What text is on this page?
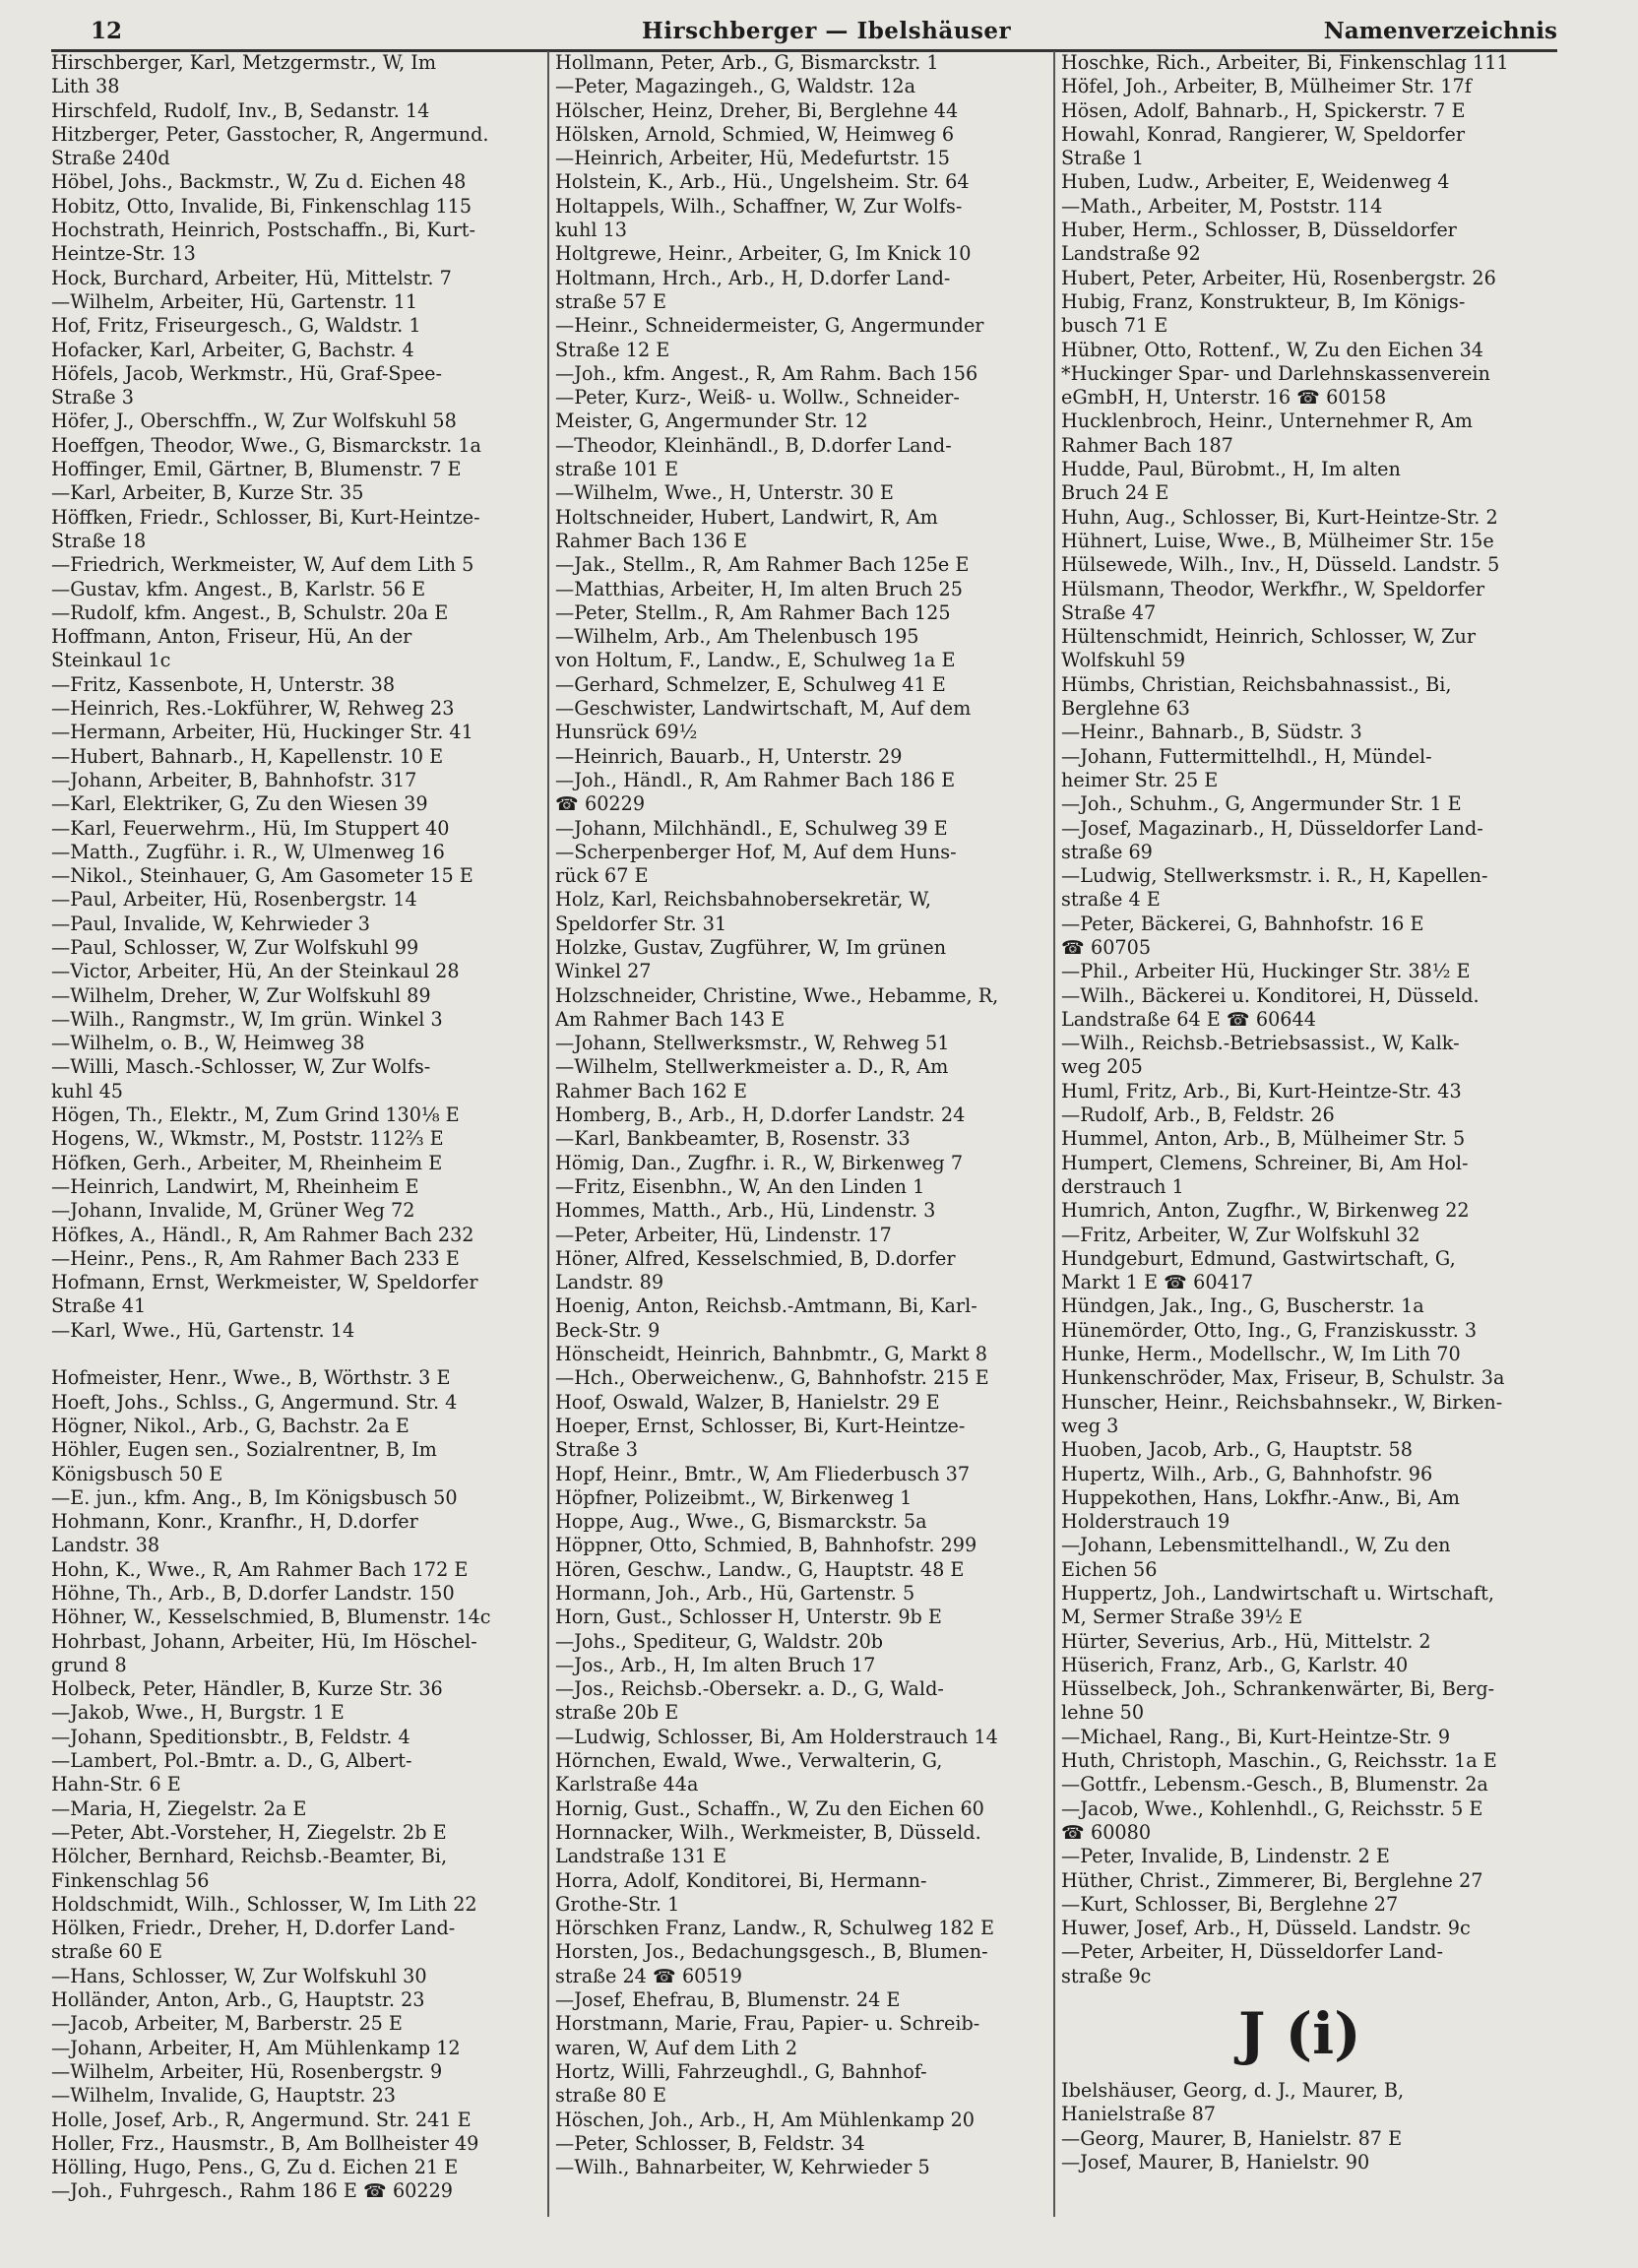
12	Hirschberger — Ibelshäuser	Namenverzeichnis
Hirschberger, Karl, Metzgermstr., W, Im
Lith 38
Hirschfeld, Rudolf, Inv., B, Sedanstr. 14
Hitzberger, Peter, Gasstocher, R, Angermund.
Straße 240d
Höbel, Johs., Backmstr., W, Zu d. Eichen 48
Hobitz, Otto, Invalide, Bi, Finkenschlag 115
Hochstrath, Heinrich, Postschaffn., Bi, Kurt-
Heintze-Str. 13
Hock, Burchard, Arbeiter, Hü, Mittelstr. 7
—Wilhelm, Arbeiter, Hü, Gartenstr. 11
Hof, Fritz, Friseurgesch., G, Waldstr. 1
Hofacker, Karl, Arbeiter, G, Bachstr. 4
Höfels, Jacob, Werkmstr., Hü, Graf-Spee-
Straße 3
Höfer, J., Oberschffn., W, Zur Wolfskuhl 58
Hoeffgen, Theodor, Wwe., G, Bismarckstr. 1a
Hoffinger, Emil, Gärtner, B, Blumenstr. 7 E
—Karl, Arbeiter, B, Kurze Str. 35
Höffken, Friedr., Schlosser, Bi, Kurt-Heintze-
Straße 18
—Friedrich, Werkmeister, W, Auf dem Lith 5
—Gustav, kfm. Angest., B, Karlstr. 56 E
—Rudolf, kfm. Angest., B, Schulstr. 20a E
Hoffmann, Anton, Friseur, Hü, An der
Steinkaul 1c
—Fritz, Kassenbote, H, Unterstr. 38
—Heinrich, Res.-Lokführer, W, Rehweg 23
—Hermann, Arbeiter, Hü, Huckinger Str. 41
—Hubert, Bahnarb., H, Kapellenstr. 10 E
—Johann, Arbeiter, B, Bahnhofstr. 317
—Karl, Elektriker, G, Zu den Wiesen 39
—Karl, Feuerwehrm., Hü, Im Stuppert 40
—Matth., Zugführ. i. R., W, Ulmenweg 16
—Nikol., Steinhauer, G, Am Gasometer 15 E
—Paul, Arbeiter, Hü, Rosenbergstr. 14
—Paul, Invalide, W, Kehrwieder 3
—Paul, Schlosser, W, Zur Wolfskuhl 99
—Victor, Arbeiter, Hü, An der Steinkaul 28
—Wilhelm, Dreher, W, Zur Wolfskuhl 89
—Wilh., Rangmstr., W, Im grün. Winkel 3
—Wilhelm, o. B., W, Heimweg 38
—Willi, Masch.-Schlosser, W, Zur Wolfs-
kuhl 45
Högen, Th., Elektr., M, Zum Grind 130⅛ E
Hogens, W., Wkmstr., M, Poststr. 112⅔ E
Höfken, Gerh., Arbeiter, M, Rheinheim E
—Heinrich, Landwirt, M, Rheinheim E
—Johann, Invalide, M, Grüner Weg 72
Höfkes, A., Händl., R, Am Rahmer Bach 232
—Heinr., Pens., R, Am Rahmer Bach 233 E
Hofmann, Ernst, Werkmeister, W, Speldorfer
Straße 41
—Karl, Wwe., Hü, Gartenstr. 14
Hofmeister, Henr., Wwe., B, Wörthstr. 3 E
Hoeft, Johs., Schlss., G, Angermund. Str. 4
Högner, Nikol., Arb., G, Bachstr. 2a E
Höhler, Eugen sen., Sozialrentner, B, Im
Königsbusch 50 E
—E. jun., kfm. Ang., B, Im Königsbusch 50
Hohmann, Konr., Kranfhr., H, D.dorfer
Landstr. 38
Hohn, K., Wwe., R, Am Rahmer Bach 172 E
Höhne, Th., Arb., B, D.dorfer Landstr. 150
Höhner, W., Kesselschmied, B, Blumenstr. 14c
Hohrbast, Johann, Arbeiter, Hü, Im Höschel-
grund 8
Holbeck, Peter, Händler, B, Kurze Str. 36
—Jakob, Wwe., H, Burgstr. 1 E
—Johann, Speditionsbtr., B, Feldstr. 4
—Lambert, Pol.-Bmtr. a. D., G, Albert-
Hahn-Str. 6 E
—Maria, H, Ziegelstr. 2a E
—Peter, Abt.-Vorsteher, H, Ziegelstr. 2b E
Hölcher, Bernhard, Reichsb.-Beamter, Bi,
Finkenschlag 56
Holdschmidt, Wilh., Schlosser, W, Im Lith 22
Hölken, Friedr., Dreher, H, D.dorfer Land-
straße 60 E
—Hans, Schlosser, W, Zur Wolfskuhl 30
Holländer, Anton, Arb., G, Hauptstr. 23
—Jacob, Arbeiter, M, Barberstr. 25 E
—Johann, Arbeiter, H, Am Mühlenkamp 12
—Wilhelm, Arbeiter, Hü, Rosenbergstr. 9
—Wilhelm, Invalide, G, Hauptstr. 23
Holle, Josef, Arb., R, Angermund. Str. 241 E
Holler, Frz., Hausmstr., B, Am Bollheister 49
Hölling, Hugo, Pens., G, Zu d. Eichen 21 E
—Joh., Fuhrgesch., Rahm 186 E ☎ 60229
Hollmann, Peter, Arb., G, Bismarckstr. 1
—Peter, Magazingeh., G, Waldstr. 12a
Hölscher, Heinz, Dreher, Bi, Berglehne 44
Hölsken, Arnold, Schmied, W, Heimweg 6
—Heinrich, Arbeiter, Hü, Medefurtstr. 15
Holstein, K., Arb., Hü., Ungelsheim. Str. 64
Holtappels, Wilh., Schaffner, W, Zur Wolfs-
kuhl 13
Holtgrewe, Heinr., Arbeiter, G, Im Knick 10
Holtmann, Hrch., Arb., H, D.dorfer Land-
straße 57 E
—Heinr., Schneidermeister, G, Angermunder
Straße 12 E
—Joh., kfm. Angest., R, Am Rahm. Bach 156
—Peter, Kurz-, Weiß- u. Wollw., Schneider-
Meister, G, Angermunder Str. 12
—Theodor, Kleinhändl., B, D.dorfer Land-
straße 101 E
—Wilhelm, Wwe., H, Unterstr. 30 E
Holtschneider, Hubert, Landwirt, R, Am
Rahmer Bach 136 E
—Jak., Stellm., R, Am Rahmer Bach 125e E
—Matthias, Arbeiter, H, Im alten Bruch 25
—Peter, Stellm., R, Am Rahmer Bach 125
—Wilhelm, Arb., Am Thelenbusch 195
von Holtum, F., Landw., E, Schulweg 1a E
—Gerhard, Schmelzer, E, Schulweg 41 E
—Geschwister, Landwirtschaft, M, Auf dem
Hunsrück 69½
—Heinrich, Bauarb., H, Unterstr. 29
—Joh., Händl., R, Am Rahmer Bach 186 E
☎ 60229
—Johann, Milchhändl., E, Schulweg 39 E
—Scherpenberger Hof, M, Auf dem Huns-
rück 67 E
Holz, Karl, Reichsbahnobersekretär, W,
Speldorfer Str. 31
Holzke, Gustav, Zugführer, W, Im grünen
Winkel 27
Holzschneider, Christine, Wwe., Hebamme, R,
Am Rahmer Bach 143 E
—Johann, Stellwerksmstr., W, Rehweg 51
—Wilhelm, Stellwerkmeister a. D., R, Am
Rahmer Bach 162 E
Homberg, B., Arb., H, D.dorfer Landstr. 24
—Karl, Bankbeamter, B, Rosenstr. 33
Hömig, Dan., Zugfhr. i. R., W, Birkenweg 7
—Fritz, Eisenbhn., W, An den Linden 1
Hommes, Matth., Arb., Hü, Lindenstr. 3
—Peter, Arbeiter, Hü, Lindenstr. 17
Höner, Alfred, Kesselschmied, B, D.dorfer
Landstr. 89
Hoenig, Anton, Reichsb.-Amtmann, Bi, Karl-
Beck-Str. 9
Hönscheidt, Heinrich, Bahnbmtr., G, Markt 8
—Hch., Oberweichenw., G, Bahnhofstr. 215 E
Hoof, Oswald, Walzer, B, Hanielstr. 29 E
Hoeper, Ernst, Schlosser, Bi, Kurt-Heintze-
Straße 3
Hopf, Heinr., Bmtr., W, Am Fliederbusch 37
Höpfner, Polizeibmt., W, Birkenweg 1
Hoppe, Aug., Wwe., G, Bismarckstr. 5a
Höppner, Otto, Schmied, B, Bahnhofstr. 299
Hören, Geschw., Landw., G, Hauptstr. 48 E
Hormann, Joh., Arb., Hü, Gartenstr. 5
Horn, Gust., Schlosser H, Unterstr. 9b E
—Johs., Spediteur, G, Waldstr. 20b
—Jos., Arb., H, Im alten Bruch 17
—Jos., Reichsb.-Obersekr. a. D., G, Wald-
straße 20b E
—Ludwig, Schlosser, Bi, Am Holderstrauch 14
Hörnchen, Ewald, Wwe., Verwalterin, G,
Karlstraße 44a
Hornig, Gust., Schaffn., W, Zu den Eichen 60
Hornnacker, Wilh., Werkmeister, B, Düsseld.
Landstraße 131 E
Horra, Adolf, Konditorei, Bi, Hermann-
Grothe-Str. 1
Hörschken Franz, Landw., R, Schulweg 182 E
Horsten, Jos., Bedachungsgesch., B, Blumen-
straße 24 ☎ 60519
—Josef, Ehefrau, B, Blumenstr. 24 E
Horstmann, Marie, Frau, Papier- u. Schreib-
waren, W, Auf dem Lith 2
Hortz, Willi, Fahrzeughdl., G, Bahnhof-
straße 80 E
Höschen, Joh., Arb., H, Am Mühlenkamp 20
—Peter, Schlosser, B, Feldstr. 34
—Wilh., Bahnarbeiter, W, Kehrwieder 5
Hoschke, Rich., Arbeiter, Bi, Finkenschlag 111
Höfel, Joh., Arbeiter, B, Mülheimer Str. 17f
Hösen, Adolf, Bahnarb., H, Spickerstr. 7 E
Howahl, Konrad, Rangierer, W, Speldorfer
Straße 1
Huben, Ludw., Arbeiter, E, Weidenweg 4
—Math., Arbeiter, M, Poststr. 114
Huber, Herm., Schlosser, B, Düsseldorfer
Landstraße 92
Hubert, Peter, Arbeiter, Hü, Rosenbergstr. 26
Hubig, Franz, Konstrukteur, B, Im Königs-
busch 71 E
Hübner, Otto, Rottenf., W, Zu den Eichen 34
*Huckinger Spar- und Darlehnskassenverein
eGmbH, H, Unterstr. 16 ☎ 60158
Hucklenbroch, Heinr., Unternehmer R, Am
Rahmer Bach 187
Hudde, Paul, Bürobmt., H, Im alten
Bruch 24 E
Huhn, Aug., Schlosser, Bi, Kurt-Heintze-Str. 2
Hühnert, Luise, Wwe., B, Mülheimer Str. 15e
Hülsewede, Wilh., Inv., H, Düsseld. Landstr. 5
Hülsmann, Theodor, Werkfhr., W, Speldorfer
Straße 47
Hültenschmidt, Heinrich, Schlosser, W, Zur
Wolfskuhl 59
Hümbs, Christian, Reichsbahnassist., Bi,
Berglehne 63
—Heinr., Bahnarb., B, Südstr. 3
—Johann, Futtermittelhdl., H, Mündel-
heimer Str. 25 E
—Joh., Schuhm., G, Angermunder Str. 1 E
—Josef, Magazinarb., H, Düsseldorfer Land-
straße 69
—Ludwig, Stellwerksmstr. i. R., H, Kapellen-
straße 4 E
—Peter, Bäckerei, G, Bahnhofstr. 16 E
☎ 60705
—Phil., Arbeiter Hü, Huckinger Str. 38½ E
—Wilh., Bäckerei u. Konditorei, H, Düsseld.
Landstraße 64 E ☎ 60644
—Wilh., Reichsb.-Betriebsassist., W, Kalk-
weg 205
Huml, Fritz, Arb., Bi, Kurt-Heintze-Str. 43
—Rudolf, Arb., B, Feldstr. 26
Hummel, Anton, Arb., B, Mülheimer Str. 5
Humpert, Clemens, Schreiner, Bi, Am Hol-
derstrauch 1
Humrich, Anton, Zugfhr., W, Birkenweg 22
—Fritz, Arbeiter, W, Zur Wolfskuhl 32
Hundgeburt, Edmund, Gastwirtschaft, G,
Markt 1 E ☎ 60417
Hündgen, Jak., Ing., G, Buscherstr. 1a
Hünemörder, Otto, Ing., G, Franziskusstr. 3
Hunke, Herm., Modellschr., W, Im Lith 70
Hunkenschröder, Max, Friseur, B, Schulstr. 3a
Hunscher, Heinr., Reichsbahnsekr., W, Birken-
weg 3
Huoben, Jacob, Arb., G, Hauptstr. 58
Hupertz, Wilh., Arb., G, Bahnhofstr. 96
Huppekothen, Hans, Lokfhr.-Anw., Bi, Am
Holderstrauch 19
—Johann, Lebensmittelhandl., W, Zu den
Eichen 56
Huppertz, Joh., Landwirtschaft u. Wirtschaft,
M, Sermer Straße 39½ E
Hürter, Severius, Arb., Hü, Mittelstr. 2
Hüserich, Franz, Arb., G, Karlstr. 40
Hüsselbeck, Joh., Schrankenwärter, Bi, Berg-
lehne 50
—Michael, Rang., Bi, Kurt-Heintze-Str. 9
Huth, Christoph, Maschin., G, Reichsstr. 1a E
—Gottfr., Lebensm.-Gesch., B, Blumenstr. 2a
—Jacob, Wwe., Kohlenhdl., G, Reichsstr. 5 E
☎ 60080
—Peter, Invalide, B, Lindenstr. 2 E
Hüther, Christ., Zimmerer, Bi, Berglehne 27
—Kurt, Schlosser, Bi, Berglehne 27
Huwer, Josef, Arb., H, Düsseld. Landstr. 9c
—Peter, Arbeiter, H, Düsseldorfer Land-
straße 9c
J (i)
Ibelshäuser, Georg, d. J., Maurer, B,
Hanielstraße 87
—Georg, Maurer, B, Hanielstr. 87 E
—Josef, Maurer, B, Hanielstr. 90
